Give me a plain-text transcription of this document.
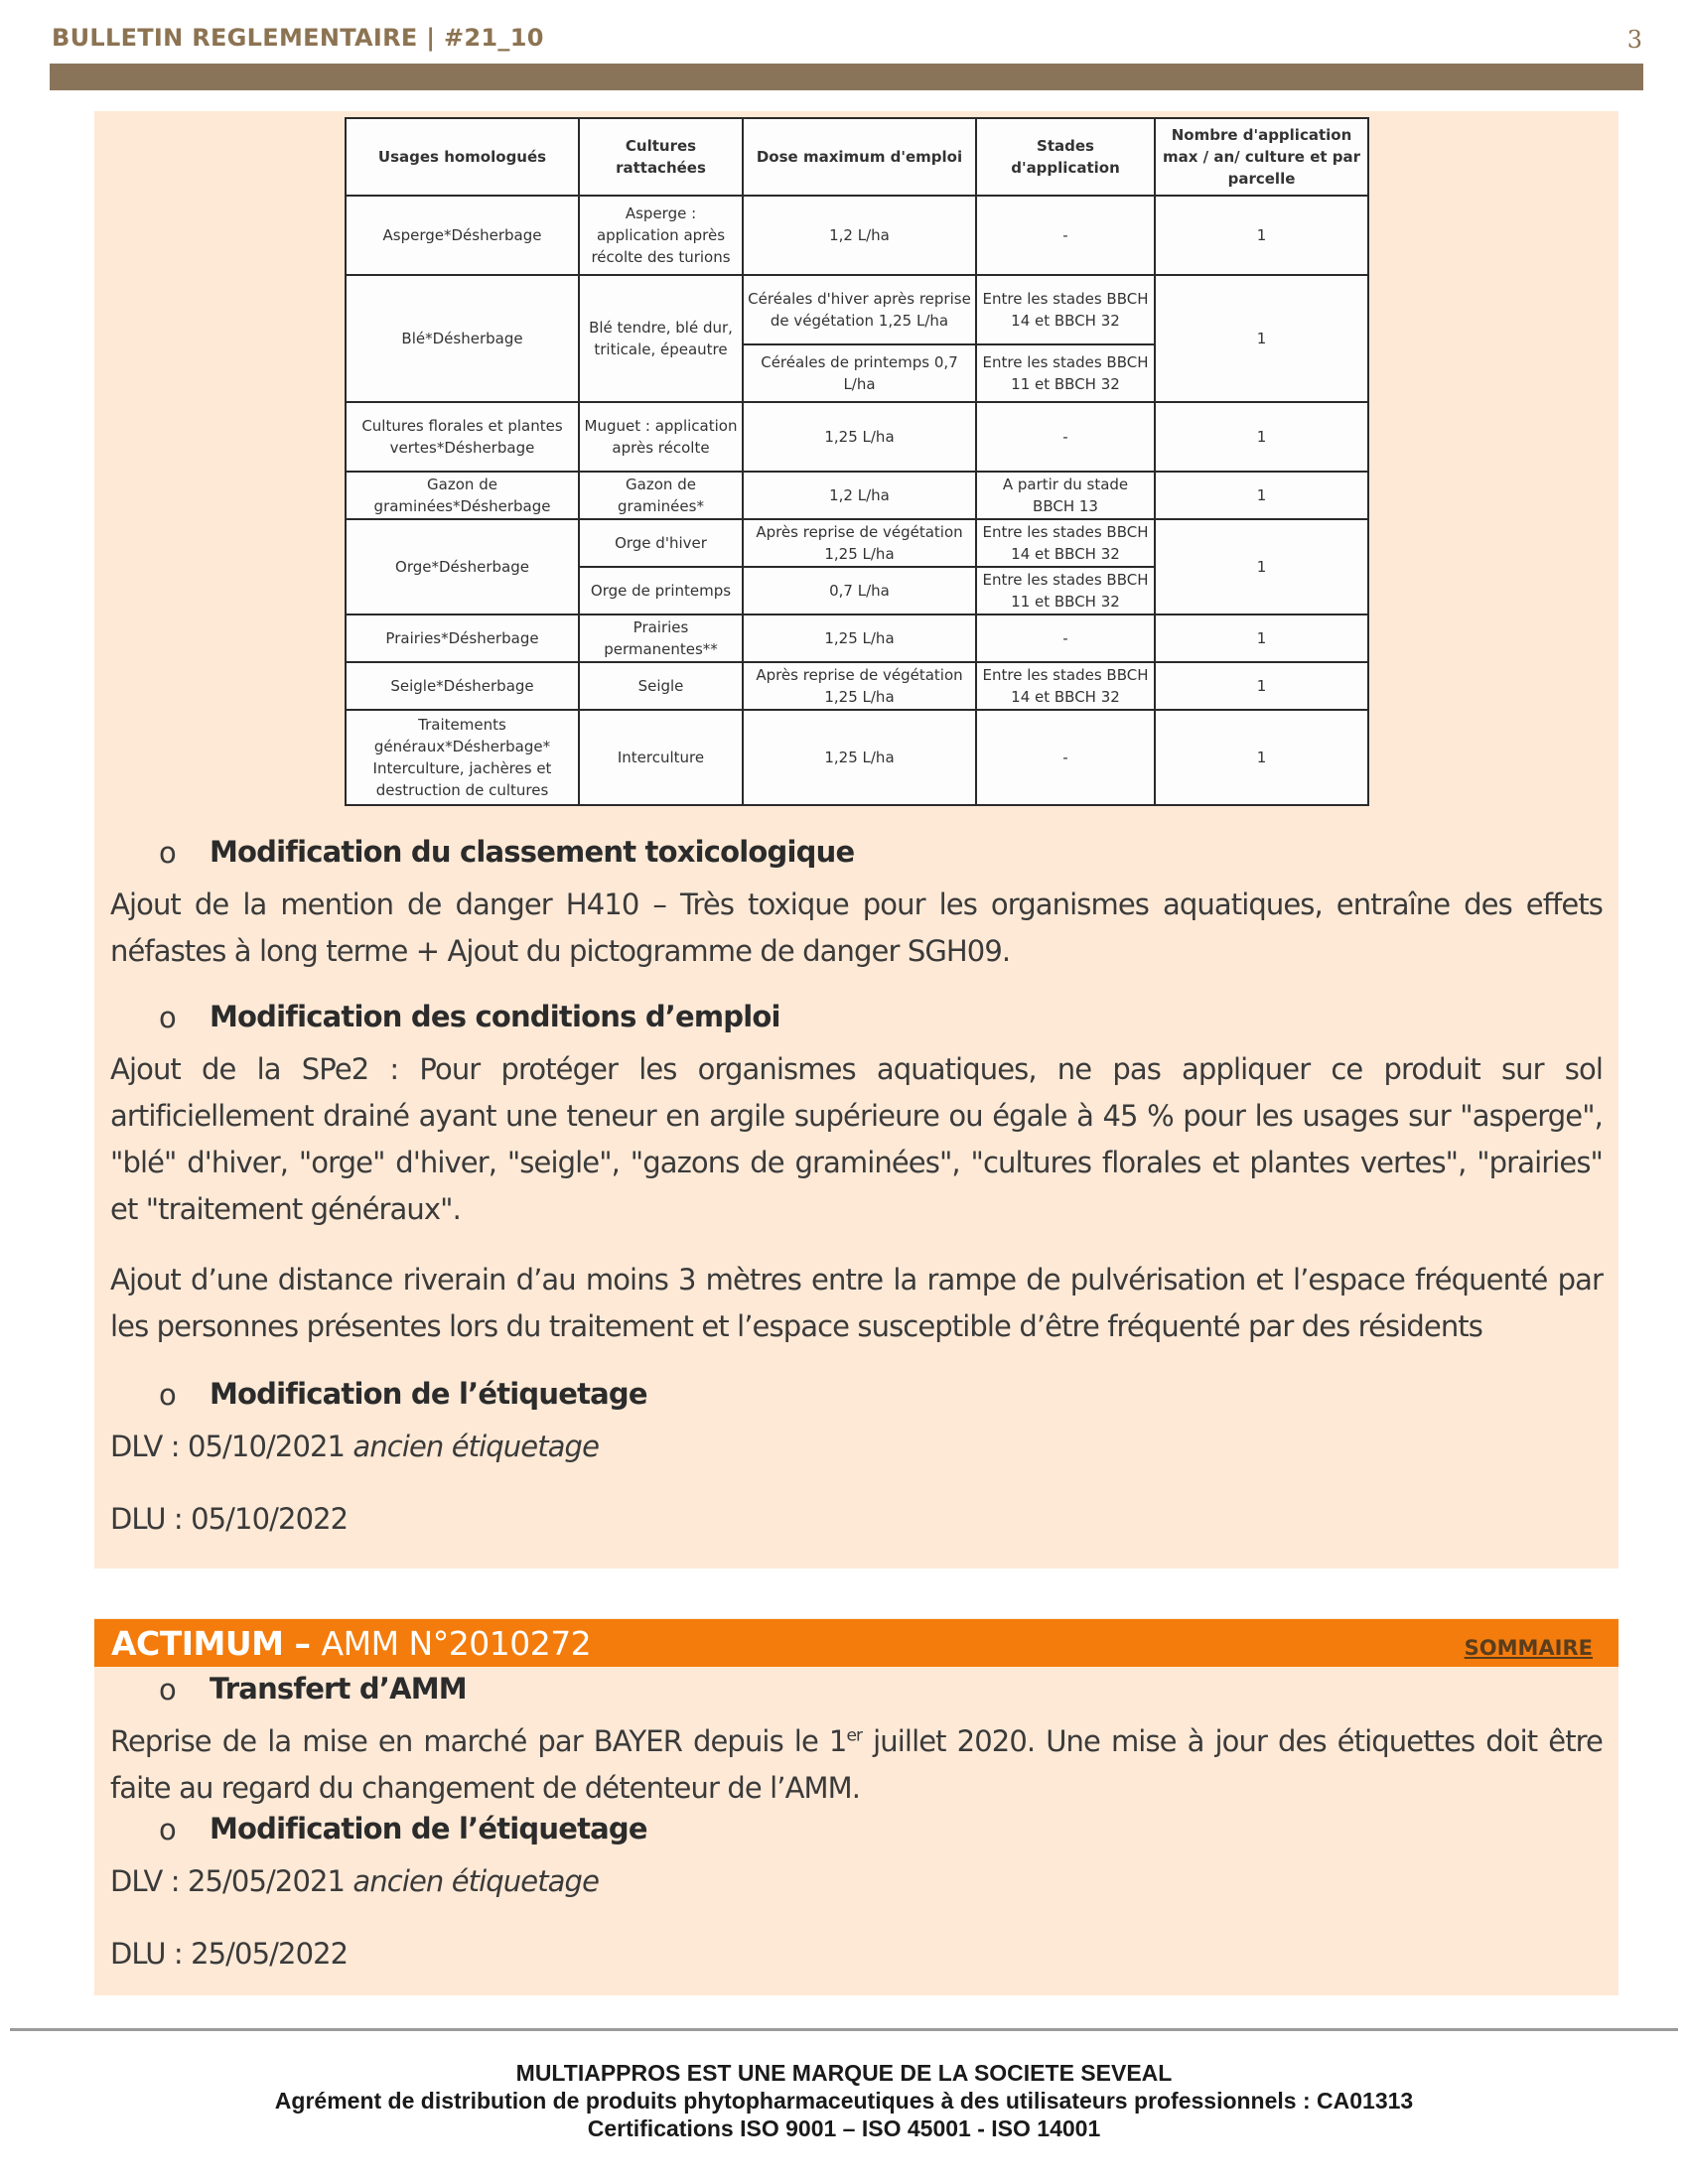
BULLETIN REGLEMENTAIRE | #21_10	3
Usages homologués	Cultures rattachées	Dose maximum d'emploi	Stades d'application	Nombre d'application max / an/ culture et par parcelle
Asperge*Désherbage	Asperge : application après récolte des turions	1,2 L/ha	-	1
Blé*Désherbage	Blé tendre, blé dur, triticale, épeautre	Céréales d'hiver après reprise de végétation 1,25 L/ha	Entre les stades BBCH 14 et BBCH 32	1
		Céréales de printemps 0,7 L/ha	Entre les stades BBCH 11 et BBCH 32	
Cultures florales et plantes vertes*Désherbage	Muguet : application après récolte	1,25 L/ha	-	1
Gazon de graminées*Désherbage	Gazon de graminées*	1,2 L/ha	A partir du stade BBCH 13	1
Orge*Désherbage	Orge d'hiver	Après reprise de végétation 1,25 L/ha	Entre les stades BBCH 14 et BBCH 32	1
	Orge de printemps	0,7 L/ha	Entre les stades BBCH 11 et BBCH 32	
Prairies*Désherbage	Prairies permanentes**	1,25 L/ha	-	1
Seigle*Désherbage	Seigle	Après reprise de végétation 1,25 L/ha	Entre les stades BBCH 14 et BBCH 32	1
Traitements généraux*Désherbage* Interculture, jachères et destruction de cultures	Interculture	1,25 L/ha	-	1
o Modification du classement toxicologique
Ajout de la mention de danger H410 – Très toxique pour les organismes aquatiques, entraîne des effets néfastes à long terme + Ajout du pictogramme de danger SGH09.
o Modification des conditions d’emploi
Ajout de la SPe2 : Pour protéger les organismes aquatiques, ne pas appliquer ce produit sur sol artificiellement drainé ayant une teneur en argile supérieure ou égale à 45 % pour les usages sur "asperge", "blé" d'hiver, "orge" d'hiver, "seigle", "gazons de graminées", "cultures florales et plantes vertes", "prairies" et "traitement généraux".
Ajout d’une distance riverain d’au moins 3 mètres entre la rampe de pulvérisation et l’espace fréquenté par les personnes présentes lors du traitement et l’espace susceptible d’être fréquenté par des résidents
o Modification de l’étiquetage
DLV : 05/10/2021 ancien étiquetage
DLU : 05/10/2022
ACTIMUM – AMM N°2010272	SOMMAIRE
o Transfert d’AMM
Reprise de la mise en marché par BAYER depuis le 1er juillet 2020. Une mise à jour des étiquettes doit être faite au regard du changement de détenteur de l’AMM.
o Modification de l’étiquetage
DLV : 25/05/2021 ancien étiquetage
DLU : 25/05/2022
MULTIAPPROS EST UNE MARQUE DE LA SOCIETE SEVEAL
Agrément de distribution de produits phytopharmaceutiques à des utilisateurs professionnels : CA01313
Certifications ISO 9001 – ISO 45001 - ISO 14001
